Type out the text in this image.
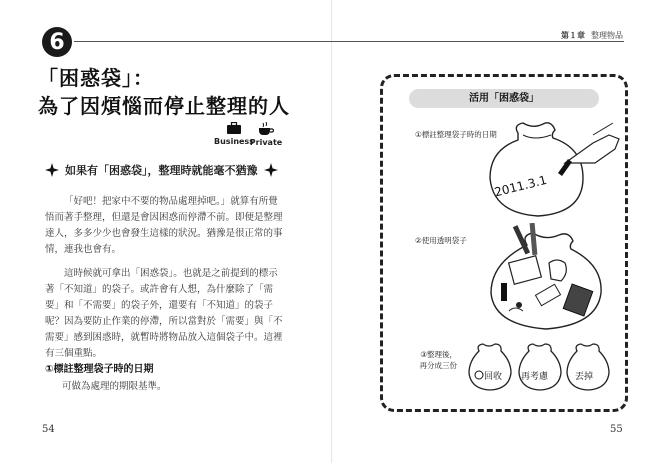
6	第１章 整理物品
「困惑袋」：
為了因煩惱而停止整理的人
Business
Private
如果有「困惑袋」，整理時就能毫不猶豫
「好吧！把家中不要的物品處理掉吧。」就算有所覺悟而著手整理，但還是會因困惑而停滯不前。即便是整理達人，多多少少也會發生這樣的狀況。猶豫是很正常的事情，連我也會有。
這時候就可拿出「困惑袋」。也就是之前提到的標示著「不知道」的袋子。或許會有人想，為什麼除了「需要」和「不需要」的袋子外，還要有「不知道」的袋子呢？因為要防止作業的停滯，所以當對於「需要」與「不需要」感到困惑時，就暫時將物品放入這個袋子中。這裡有三個重點。
①標註整理袋子時的日期
可做為處理的期限基準。
54
活用「困惑袋」
①標註整理袋子時的日期
2011.3.1
②使用透明袋子
③整理後，
再分成三份
回收 再考慮	丟掉
55
